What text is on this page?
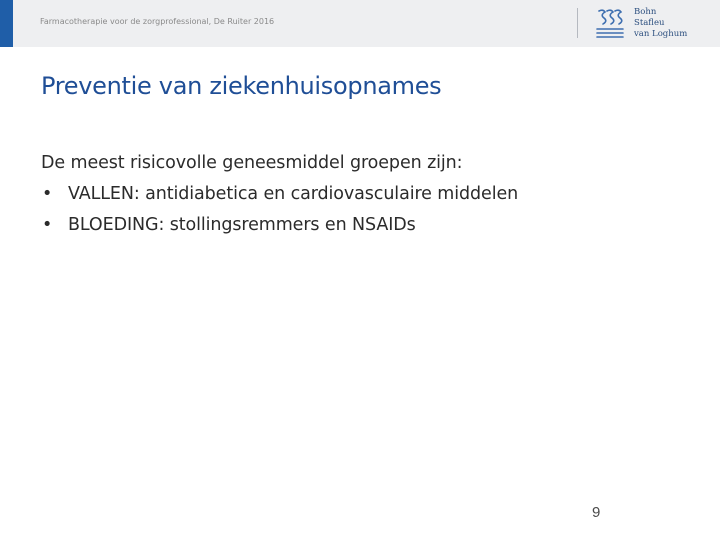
Farmacotherapie voor de zorgprofessional, De Ruiter 2016
Bohn
Stafleu
van Loghum
Preventie van ziekenhuisopnames
De meest risicovolle geneesmiddel groepen zijn:
• VALLEN: antidiabetica en cardiovasculaire middelen
• BLOEDING: stollingsremmers en NSAIDs
9
